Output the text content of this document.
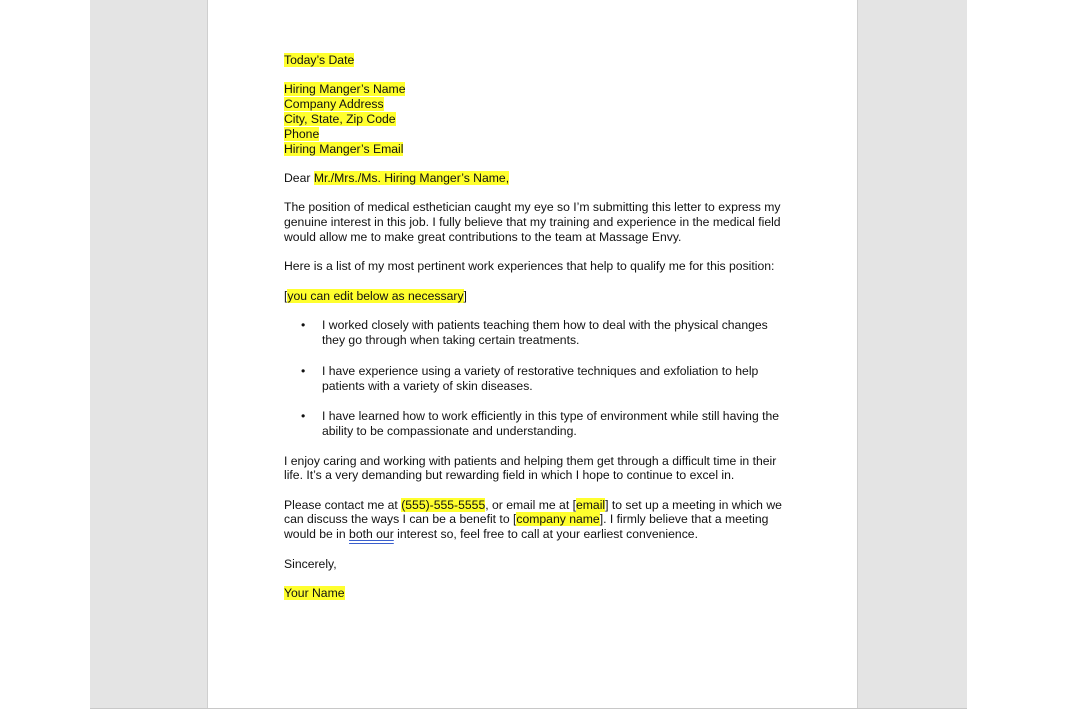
Today’s Date

Hiring Manger’s Name

Company Address

City, State, Zip Code

Phone

Hiring Manger’s Email

Dear Mr./Mrs./Ms. Hiring Manger’s Name,

The position of medical esthetician caught my eye so I’m submitting this letter to express my genuine interest in this job. I fully believe that my training and experience in the medical field would allow me to make great contributions to the team at Massage Envy.

Here is a list of my most pertinent work experiences that help to qualify me for this position:

[you can edit below as necessary]

• I worked closely with patients teaching them how to deal with the physical changes they go through when taking certain treatments.
• I have experience using a variety of restorative techniques and exfoliation to help patients with a variety of skin diseases.
• I have learned how to work efficiently in this type of environment while still having the ability to be compassionate and understanding.

I enjoy caring and working with patients and helping them get through a difficult time in their life. It’s a very demanding but rewarding field in which I hope to continue to excel in.

Please contact me at (555)-555-5555, or email me at [email] to set up a meeting in which we can discuss the ways I can be a benefit to [company name]. I firmly believe that a meeting would be in both our interest so, feel free to call at your earliest convenience.

Sincerely,

Your Name
